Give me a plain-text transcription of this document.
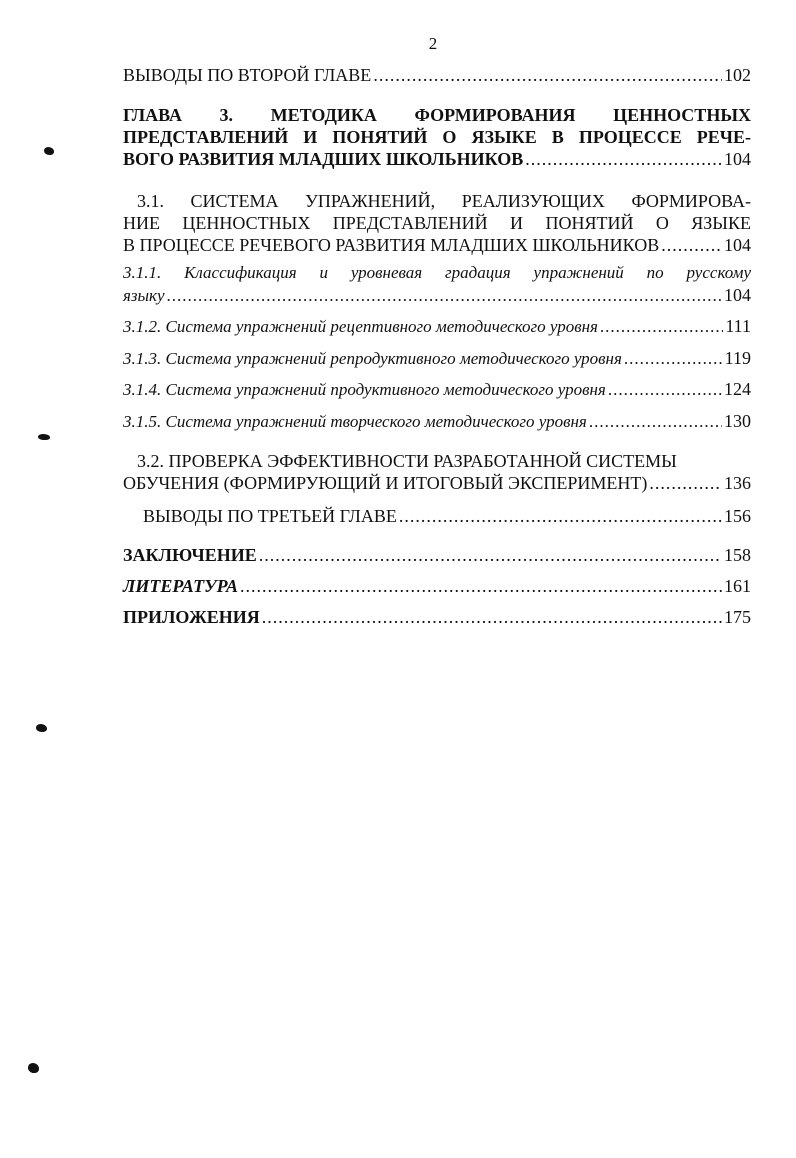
2
ВЫВОДЫ ПО ВТОРОЙ ГЛАВЕ .....	102
ГЛАВА 3. МЕТОДИКА ФОРМИРОВАНИЯ ЦЕННОСТНЫХ
ПРЕДСТАВЛЕНИЙ И ПОНЯТИЙ О ЯЗЫКЕ В ПРОЦЕССЕ РЕЧЕ-
ВОГО РАЗВИТИЯ МЛАДШИХ ШКОЛЬНИКОВ .....	104
3.1. СИСТЕМА УПРАЖНЕНИЙ, РЕАЛИЗУЮЩИХ ФОРМИРОВА-
НИЕ ЦЕННОСТНЫХ ПРЕДСТАВЛЕНИЙ И ПОНЯТИЙ О ЯЗЫКЕ
В ПРОЦЕССЕ РЕЧЕВОГО РАЗВИТИЯ МЛАДШИХ ШКОЛЬНИКОВ .....	104
3.1.1. Классификация и уровневая градация упражнений по русскому
языку .....	104
3.1.2. Система упражнений рецептивного методического уровня .....	111
3.1.3. Система упражнений репродуктивного методического уровня .....	119
3.1.4. Система упражнений продуктивного методического уровня .....	124
3.1.5. Система упражнений творческого методического уровня .....	130
3.2. ПРОВЕРКА ЭФФЕКТИВНОСТИ РАЗРАБОТАННОЙ СИСТЕМЫ
ОБУЧЕНИЯ (ФОРМИРУЮЩИЙ И ИТОГОВЫЙ ЭКСПЕРИМЕНТ) .....	136
ВЫВОДЫ ПО ТРЕТЬЕЙ ГЛАВЕ .....	156
ЗАКЛЮЧЕНИЕ .....	158
ЛИТЕРАТУРА .....	161
ПРИЛОЖЕНИЯ .....	175
